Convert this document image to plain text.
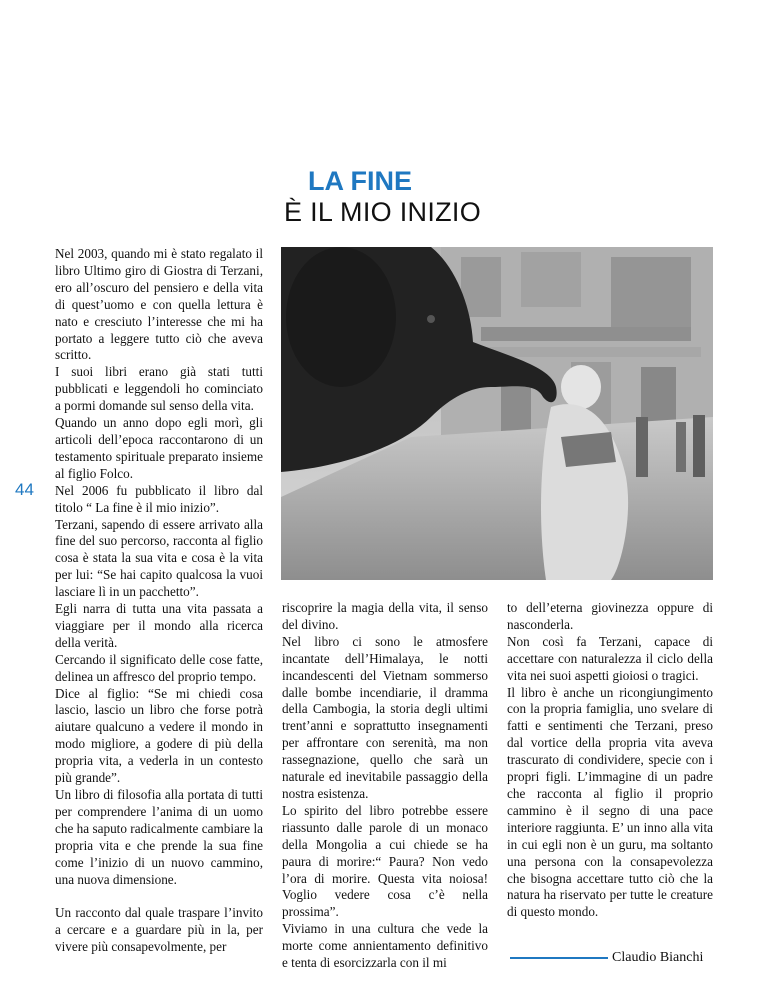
LA FINE
È IL MIO INIZIO
44

Nel 2003, quando mi è stato regalato il libro Ultimo giro di Giostra di Terzani, ero all’oscuro del pensiero e della vita di quest’uomo e con quella lettura è nato e cresciuto l’interesse che mi ha portato a leggere tutto ciò che aveva scritto.

I suoi libri erano già stati tutti pubblicati e leggendoli ho cominciato a pormi domande sul senso della vita.

Quando un anno dopo egli morì, gli articoli dell’epoca raccontarono di un testamento spirituale preparato insieme al figlio Folco.

Nel 2006 fu pubblicato il libro dal titolo “ La fine è il mio inizio”.

Terzani, sapendo di essere arrivato alla fine del suo percorso, racconta al figlio cosa è stata la sua vita e cosa è la vita per lui: “Se hai capito qualcosa la vuoi lasciare lì in un pacchetto”.

Egli narra di tutta una vita passata a viaggiare per il mondo alla ricerca della verità.

Cercando il significato delle cose fatte, delinea un affresco del proprio tempo.

Dice al figlio: “Se mi chiedi cosa lascio, lascio un libro che forse potrà aiutare qualcuno a vedere il mondo in modo migliore, a godere di più della propria vita, a vederla in un contesto più grande”.

Un libro di filosofia alla portata di tutti per comprendere l’anima di un uomo che ha saputo radicalmente cambiare la propria vita e che prende la sua fine come l’inizio di un nuovo cammino, una nuova dimensione.

Un racconto dal quale traspare l’invito a cercare e a guardare più in la, per vivere più consapevolmente, per

riscoprire la magia della vita, il senso del divino.

Nel libro ci sono le atmosfere incantate dell’Himalaya, le notti incandescenti del Vietnam sommerso dalle bombe incendiarie, il dramma della Cambogia, la storia degli ultimi trent’anni e soprattutto insegnamenti per affrontare con serenità, ma non rassegnazione, quello che sarà un naturale ed inevitabile passaggio della nostra esistenza.

Lo spirito del libro potrebbe essere riassunto dalle parole di un monaco della Mongolia a cui chiede se ha paura di morire:“ Paura? Non vedo l’ora di morire. Questa vita noiosa! Voglio vedere cosa c’è nella prossima”.

Viviamo in una cultura che vede la morte come annientamento definitivo e tenta di esorcizzarla con il mi

to dell’eterna giovinezza oppure di nasconderla.

Non così fa Terzani, capace di accettare con naturalezza il ciclo della vita nei suoi aspetti gioiosi o tragici.

Il libro è anche un ricongiungimento con la propria famiglia, uno svelare di fatti e sentimenti che Terzani, preso dal vortice della propria vita aveva trascurato di condividere, specie con i propri figli. L’immagine di un padre che racconta al figlio il proprio cammino è il segno di una pace interiore raggiunta. E’ un inno alla vita in cui egli non è un guru, ma soltanto una persona con la consapevolezza che bisogna accettare tutto ciò che la natura ha riservato per tutte le creature di questo mondo.

Claudio Bianchi
